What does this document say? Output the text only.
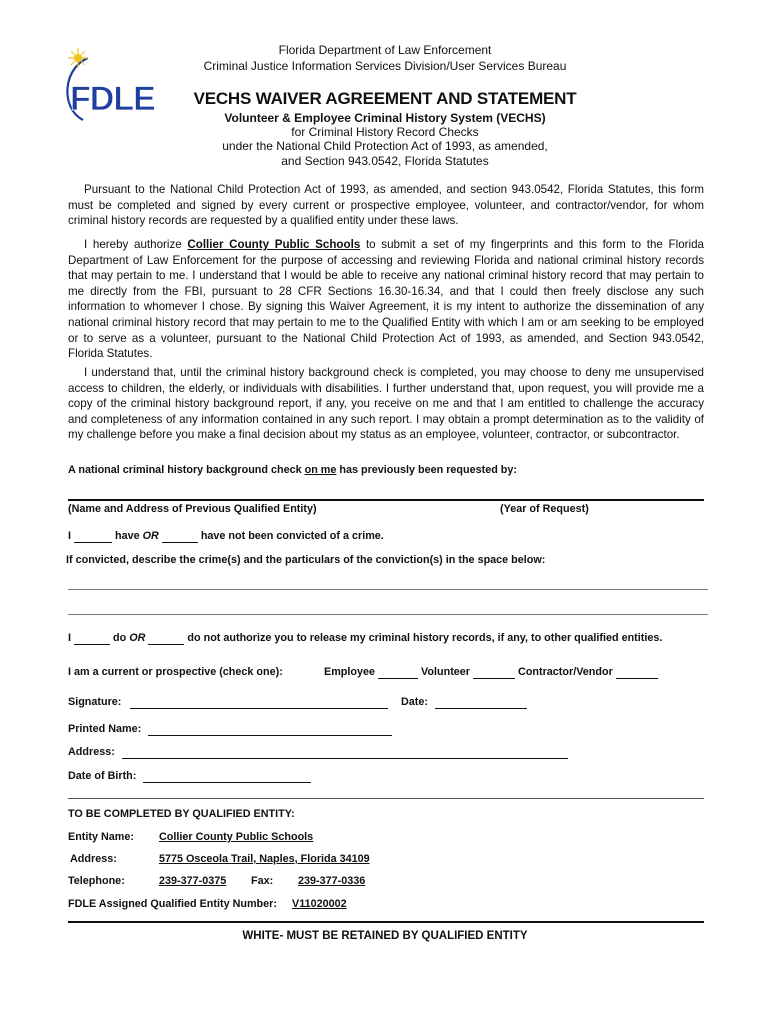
FDLE
Florida Department of Law Enforcement
Criminal Justice Information Services Division/User Services Bureau
VECHS WAIVER AGREEMENT AND STATEMENT
Volunteer & Employee Criminal History System (VECHS)
for Criminal History Record Checks
under the National Child Protection Act of 1993, as amended,
and Section 943.0542, Florida Statutes
Pursuant to the National Child Protection Act of 1993, as amended, and section 943.0542, Florida Statutes, this form must be completed and signed by every current or prospective employee, volunteer, and contractor/vendor, for whom criminal history records are requested by a qualified entity under these laws.
I hereby authorize Collier County Public Schools to submit a set of my fingerprints and this form to the Florida Department of Law Enforcement for the purpose of accessing and reviewing Florida and national criminal history records that may pertain to me. I understand that I would be able to receive any national criminal history record that may pertain to me directly from the FBI, pursuant to 28 CFR Sections 16.30-16.34, and that I could then freely disclose any such information to whomever I chose. By signing this Waiver Agreement, it is my intent to authorize the dissemination of any national criminal history record that may pertain to me to the Qualified Entity with which I am or am seeking to be employed or to serve as a volunteer, pursuant to the National Child Protection Act of 1993, as amended, and Section 943.0542, Florida Statutes.
I understand that, until the criminal history background check is completed, you may choose to deny me unsupervised access to children, the elderly, or individuals with disabilities. I further understand that, upon request, you will provide me a copy of the criminal history background report, if any, you receive on me and that I am entitled to challenge the accuracy and completeness of any information contained in any such report. I may obtain a prompt determination as to the validity of my challenge before you make a final decision about my status as an employee, volunteer, contractor, or subcontractor.
A national criminal history background check on me has previously been requested by:
(Name and Address of Previous Qualified Entity)	(Year of Request)
I	have OR	have not been convicted of a crime.
If convicted, describe the crime(s) and the particulars of the conviction(s) in the space below:
I	do OR	do not authorize you to release my criminal history records, if any, to other qualified entities.
I am a current or prospective (check one):	Employee	Volunteer	Contractor/Vendor
Signature:	Date:
Printed Name:
Address:
Date of Birth:
TO BE COMPLETED BY QUALIFIED ENTITY:
Entity Name: Collier County Public Schools
Address:	5775 Osceola Trail, Naples, Florida 34109
Telephone:	239-377-0375 Fax: 239-377-0336
FDLE Assigned Qualified Entity Number: V11020002
WHITE- MUST BE RETAINED BY QUALIFIED ENTITY
